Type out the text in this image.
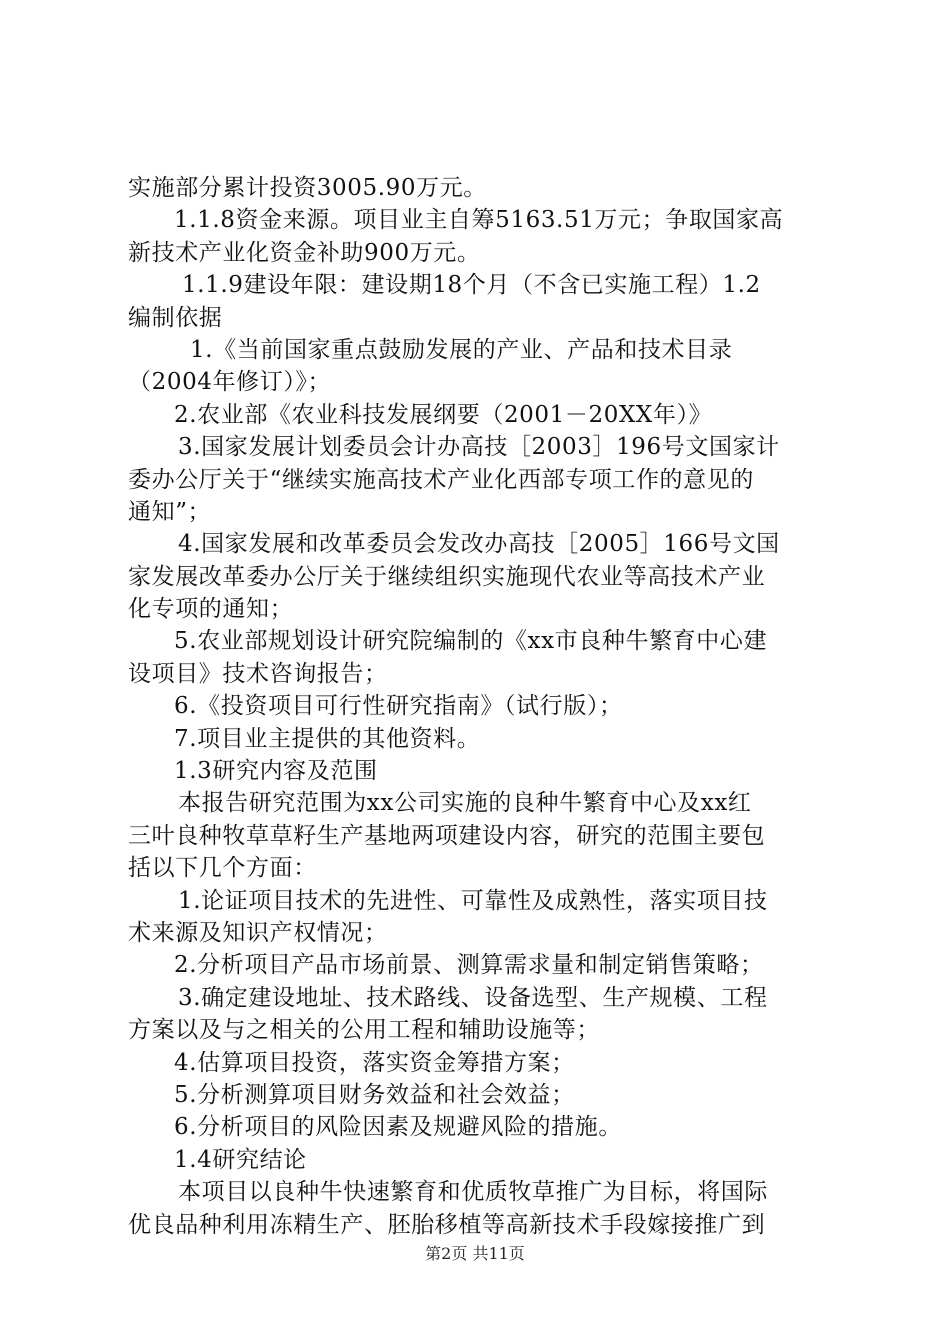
实施部分累计投资3005.90万元。
1.1.8资金来源。项目业主自筹5163.51万元；争取国家高
新技术产业化资金补助900万元。
1.1.9建设年限：建设期18个月（不含已实施工程）1.2
编制依据
1.《当前国家重点鼓励发展的产业、产品和技术目录
（2004年修订）》；
2.农业部《农业科技发展纲要（2001－20XX年）》
3.国家发展计划委员会计办高技［2003］196号文国家计
委办公厅关于“继续实施高技术产业化西部专项工作的意见的
通知”；
4.国家发展和改革委员会发改办高技［2005］166号文国
家发展改革委办公厅关于继续组织实施现代农业等高技术产业
化专项的通知；
5.农业部规划设计研究院编制的《xx市良种牛繁育中心建
设项目》技术咨询报告；
6.《投资项目可行性研究指南》（试行版）；
7.项目业主提供的其他资料。
1.3研究内容及范围
本报告研究范围为xx公司实施的良种牛繁育中心及xx红
三叶良种牧草草籽生产基地两项建设内容，研究的范围主要包
括以下几个方面：
1.论证项目技术的先进性、可靠性及成熟性，落实项目技
术来源及知识产权情况；
2.分析项目产品市场前景、测算需求量和制定销售策略；
3.确定建设地址、技术路线、设备选型、生产规模、工程
方案以及与之相关的公用工程和辅助设施等；
4.估算项目投资，落实资金筹措方案；
5.分析测算项目财务效益和社会效益；
6.分析项目的风险因素及规避风险的措施。
1.4研究结论
本项目以良种牛快速繁育和优质牧草推广为目标，将国际
优良品种利用冻精生产、胚胎移植等高新技术手段嫁接推广到
第2页 共11页
